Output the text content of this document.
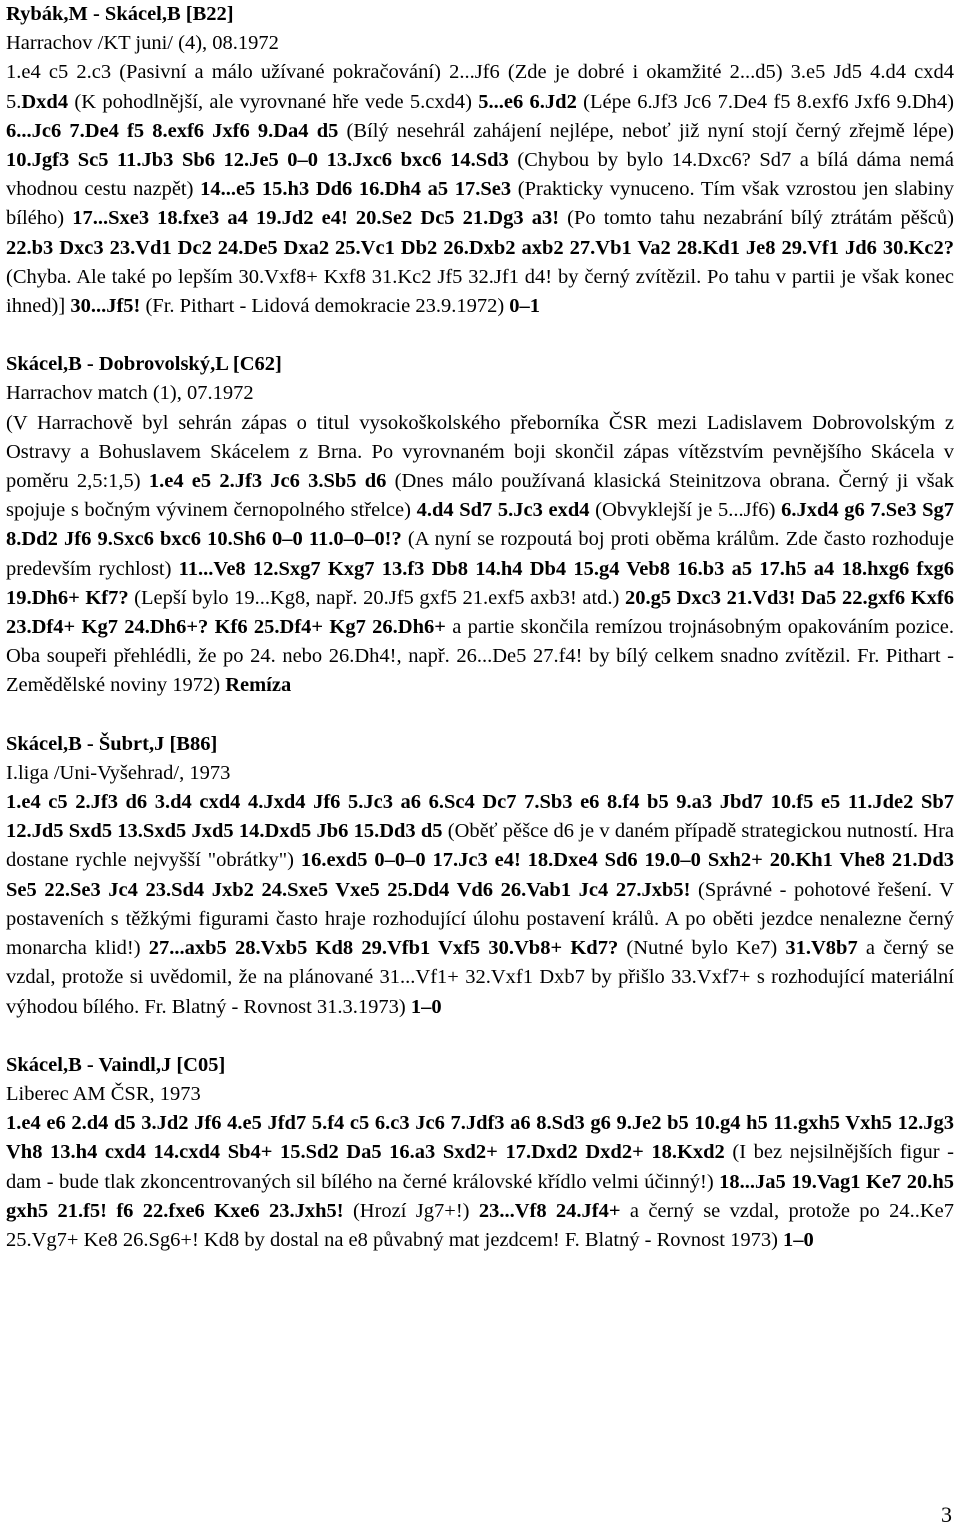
Rybák,M - Skácel,B [B22]
Harrachov /KT juni/ (4), 08.1972
1.e4 c5 2.c3 (Pasivní a málo užívané pokračování) 2...Jf6 (Zde je dobré i okamžité 2...d5) 3.e5 Jd5 4.d4 cxd4 5.Dxd4 (K pohodlnější, ale vyrovnané hře vede 5.cxd4) 5...e6 6.Jd2 (Lépe 6.Jf3 Jc6 7.De4 f5 8.exf6 Jxf6 9.Dh4) 6...Jc6 7.De4 f5 8.exf6 Jxf6 9.Da4 d5 (Bílý nesehrál zahájení nejlépe, neboť již nyní stojí černý zřejmě lépe) 10.Jgf3 Sc5 11.Jb3 Sb6 12.Je5 0–0 13.Jxc6 bxc6 14.Sd3 (Chybou by bylo 14.Dxc6? Sd7 a bílá dáma nemá vhodnou cestu nazpět) 14...e5 15.h3 Dd6 16.Dh4 a5 17.Se3 (Prakticky vynuceno. Tím však vzrostou jen slabiny bílého) 17...Sxe3 18.fxe3 a4 19.Jd2 e4! 20.Se2 Dc5 21.Dg3 a3! (Po tomto tahu nezabrání bílý ztrátám pěšců) 22.b3 Dxc3 23.Vd1 Dc2 24.De5 Dxa2 25.Vc1 Db2 26.Dxb2 axb2 27.Vb1 Va2 28.Kd1 Je8 29.Vf1 Jd6 30.Kc2? (Chyba. Ale také po lepším 30.Vxf8+ Kxf8 31.Kc2 Jf5 32.Jf1 d4! by černý zvítězil. Po tahu v partii je však konec ihned)] 30...Jf5! (Fr. Pithart - Lidová demokracie 23.9.1972) 0–1
Skácel,B - Dobrovolský,L [C62]
Harrachov match (1), 07.1972
(V Harrachově byl sehrán zápas o titul vysokoškolského přeborníka ČSR mezi Ladislavem Dobrovolským z Ostravy a Bohuslavem Skácelem z Brna. Po vyrovnaném boji skončil zápas vítězstvím pevnějšího Skácela v poměru 2,5:1,5) 1.e4 e5 2.Jf3 Jc6 3.Sb5 d6 (Dnes málo používaná klasická Steinitzova obrana. Černý ji však spojuje s bočným vývinem černopolného střelce) 4.d4 Sd7 5.Jc3 exd4 (Obvyklejší je 5...Jf6) 6.Jxd4 g6 7.Se3 Sg7 8.Dd2 Jf6 9.Sxc6 bxc6 10.Sh6 0–0 11.0–0–0!? (A nyní se rozpoutá boj proti oběma králům. Zde často rozhoduje predevším rychlost) 11...Ve8 12.Sxg7 Kxg7 13.f3 Db8 14.h4 Db4 15.g4 Veb8 16.b3 a5 17.h5 a4 18.hxg6 fxg6 19.Dh6+ Kf7? (Lepší bylo 19...Kg8, např. 20.Jf5 gxf5 21.exf5 axb3! atd.) 20.g5 Dxc3 21.Vd3! Da5 22.gxf6 Kxf6 23.Df4+ Kg7 24.Dh6+? Kf6 25.Df4+ Kg7 26.Dh6+ a partie skončila remízou trojnásobným opakováním pozice. Oba soupeři přehlédli, že po 24. nebo 26.Dh4!, např. 26...De5 27.f4! by bílý celkem snadno zvítězil. Fr. Pithart - Zemědělské noviny 1972) Remíza
Skácel,B - Šubrt,J [B86]
I.liga /Uni-Vyšehrad/, 1973
1.e4 c5 2.Jf3 d6 3.d4 cxd4 4.Jxd4 Jf6 5.Jc3 a6 6.Sc4 Dc7 7.Sb3 e6 8.f4 b5 9.a3 Jbd7 10.f5 e5 11.Jde2 Sb7 12.Jd5 Sxd5 13.Sxd5 Jxd5 14.Dxd5 Jb6 15.Dd3 d5 (Oběť pěšce d6 je v daném případě strategickou nutností. Hra dostane rychle nejvyšší "obrátky") 16.exd5 0–0–0 17.Jc3 e4! 18.Dxe4 Sd6 19.0–0 Sxh2+ 20.Kh1 Vhe8 21.Dd3 Se5 22.Se3 Jc4 23.Sd4 Jxb2 24.Sxe5 Vxe5 25.Dd4 Vd6 26.Vab1 Jc4 27.Jxb5! (Správné - pohotové řešení. V postaveních s těžkými figurami často hraje rozhodující úlohu postavení králů. A po oběti jezdce nenalezne černý monarcha klid!) 27...axb5 28.Vxb5 Kd8 29.Vfb1 Vxf5 30.Vb8+ Kd7? (Nutné bylo Ke7) 31.V8b7 a černý se vzdal, protože si uvědomil, že na plánované 31...Vf1+ 32.Vxf1 Dxb7 by přišlo 33.Vxf7+ s rozhodující materiální výhodou bílého. Fr. Blatný - Rovnost 31.3.1973) 1–0
Skácel,B - Vaindl,J [C05]
Liberec AM ČSR, 1973
1.e4 e6 2.d4 d5 3.Jd2 Jf6 4.e5 Jfd7 5.f4 c5 6.c3 Jc6 7.Jdf3 a6 8.Sd3 g6 9.Je2 b5 10.g4 h5 11.gxh5 Vxh5 12.Jg3 Vh8 13.h4 cxd4 14.cxd4 Sb4+ 15.Sd2 Da5 16.a3 Sxd2+ 17.Dxd2 Dxd2+ 18.Kxd2 (I bez nejsilnějších figur - dam - bude tlak zkoncentrovaných sil bílého na černé královské křídlo velmi účinný!) 18...Ja5 19.Vag1 Ke7 20.h5 gxh5 21.f5! f6 22.fxe6 Kxe6 23.Jxh5! (Hrozí Jg7+!) 23...Vf8 24.Jf4+ a černý se vzdal, protože po 24..Ke7 25.Vg7+ Ke8 26.Sg6+! Kd8 by dostal na e8 půvabný mat jezdcem! F. Blatný - Rovnost 1973) 1–0
3
